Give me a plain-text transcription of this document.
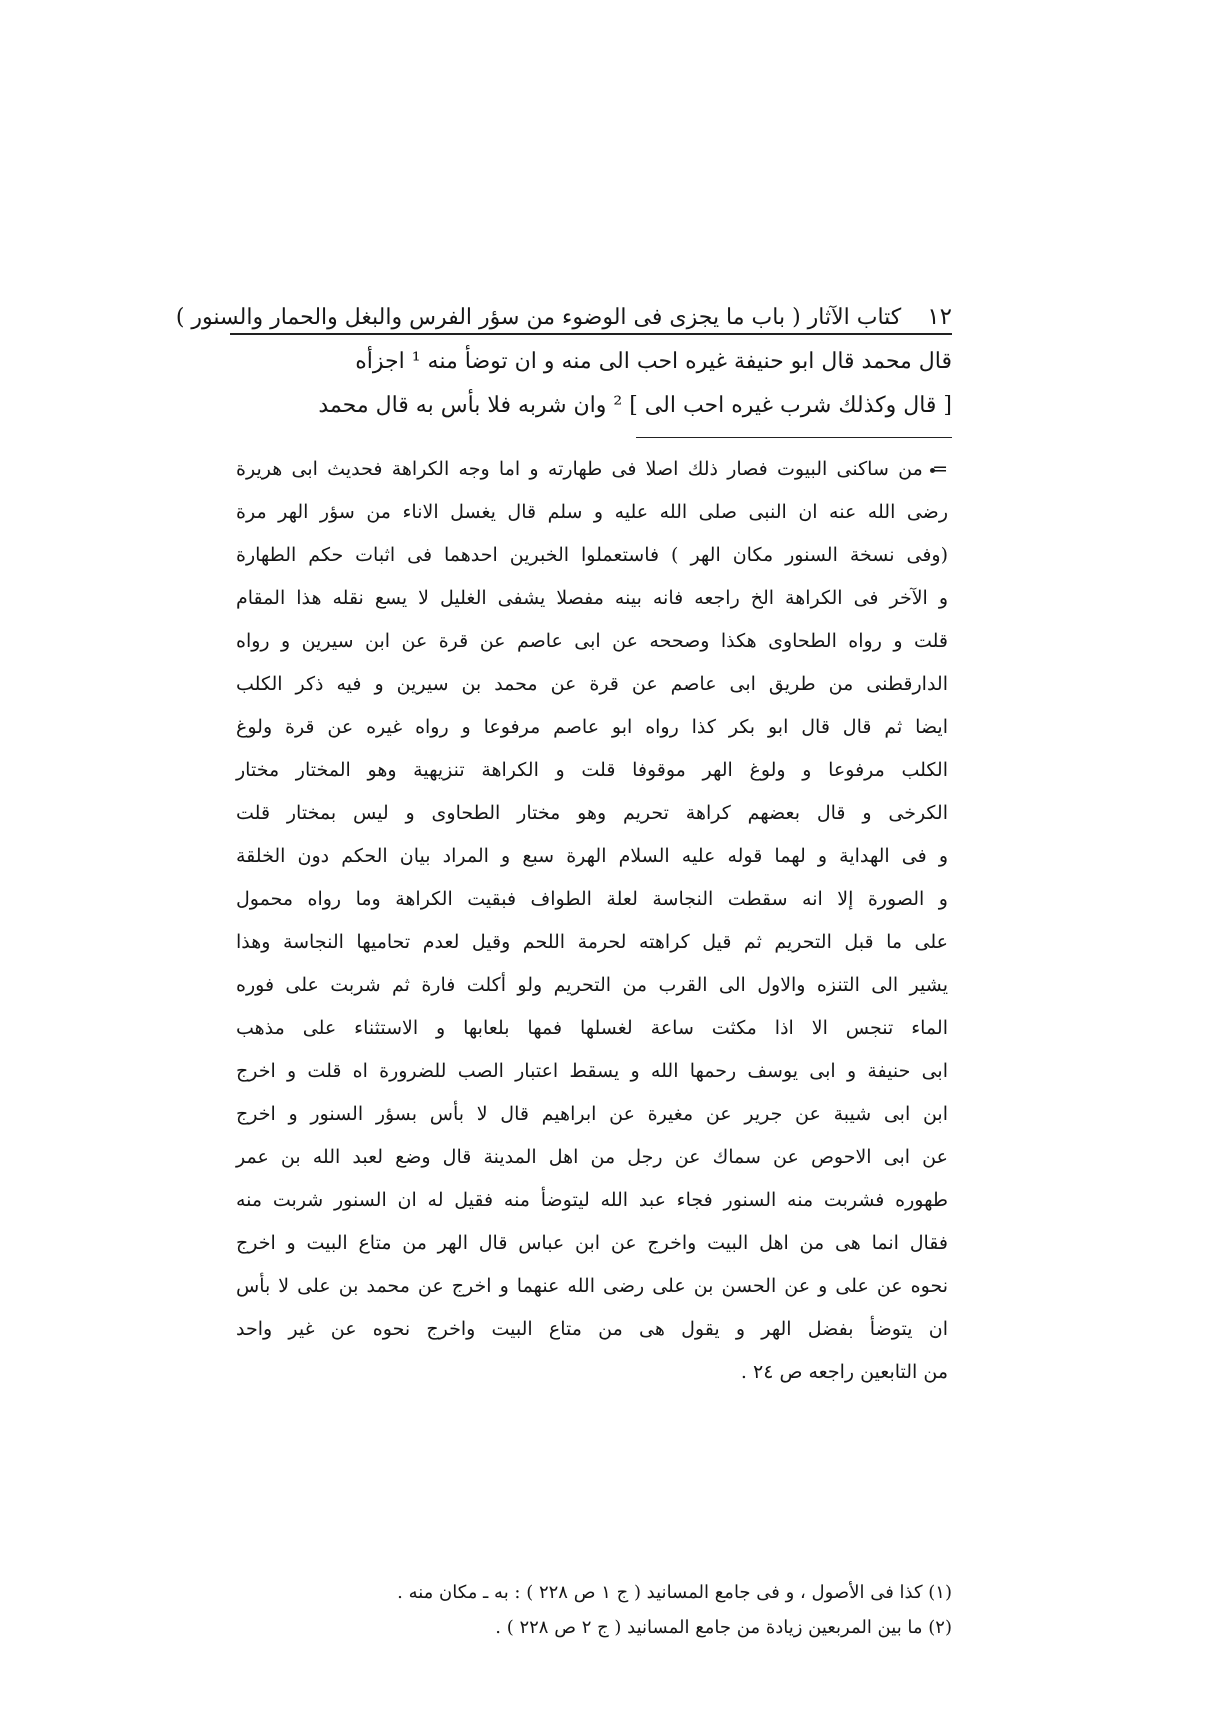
١٢
كتاب الآثار ( باب ما يجزى فى الوضوء من سؤر الفرس والبغل والحمار والسنور )
قال محمد قال ابو حنيفة غيره احب الى منه و ان توضأ منه ¹ اجزأه
[ قال وكذلك شرب غيره احب الى ] ² وان شربه فلا بأس به قال محمد
= من ساكنى البيوت فصار ذلك اصلا فى طهارته و اما وجه الكراهة فحديث ابى هريرة
رضى الله عنه ان النبى صلى الله عليه و سلم قال يغسل الاناء من سؤر الهر مرة
(وفى نسخة السنور مكان الهر ) فاستعملوا الخبرين احدهما فى اثبات حكم الطهارة
و الآخر فى الكراهة الخ راجعه فانه بينه مفصلا يشفى الغليل لا يسع نقله هذا المقام
قلت و رواه الطحاوى هكذا وصححه عن ابى عاصم عن قرة عن ابن سيرين و رواه
الدارقطنى من طريق ابى عاصم عن قرة عن محمد بن سيرين و فيه ذكر الكلب
ايضا ثم قال قال ابو بكر كذا رواه ابو عاصم مرفوعا و رواه غيره عن قرة ولوغ
الكلب مرفوعا و ولوغ الهر موقوفا قلت و الكراهة تنزيهية وهو المختار مختار
الكرخى و قال بعضهم كراهة تحريم وهو مختار الطحاوى و ليس بمختار قلت
و فى الهداية و لهما قوله عليه السلام الهرة سبع و المراد بيان الحكم دون الخلقة
و الصورة إلا انه سقطت النجاسة لعلة الطواف فبقيت الكراهة وما رواه محمول
على ما قبل التحريم ثم قيل كراهته لحرمة اللحم وقيل لعدم تحاميها النجاسة وهذا
يشير الى التنزه والاول الى القرب من التحريم ولو أكلت فارة ثم شربت على فوره
الماء تنجس الا اذا مكثت ساعة لغسلها فمها بلعابها و الاستثناء على مذهب
ابى حنيفة و ابى يوسف رحمها الله و يسقط اعتبار الصب للضرورة اه قلت و اخرج
ابن ابى شيبة عن جرير عن مغيرة عن ابراهيم قال لا بأس بسؤر السنور و اخرج
عن ابى الاحوص عن سماك عن رجل من اهل المدينة قال وضع لعبد الله بن عمر
طهوره فشربت منه السنور فجاء عبد الله ليتوضأ منه فقيل له ان السنور شربت منه
فقال انما هى من اهل البيت واخرج عن ابن عباس قال الهر من متاع البيت و اخرج
نحوه عن على و عن الحسن بن على رضى الله عنهما و اخرج عن محمد بن على لا بأس
ان يتوضأ بفضل الهر و يقول هى من متاع البيت واخرج نحوه عن غير واحد
من التابعين راجعه ص ٢٤ .
(١) كذا فى الأصول ، و فى جامع المسانيد ( ج ١ ص ٢٢٨ ) : به ـ مكان منه .
(٢) ما بين المربعين زيادة من جامع المسانيد ( ج ٢ ص ٢٢٨ ) .
